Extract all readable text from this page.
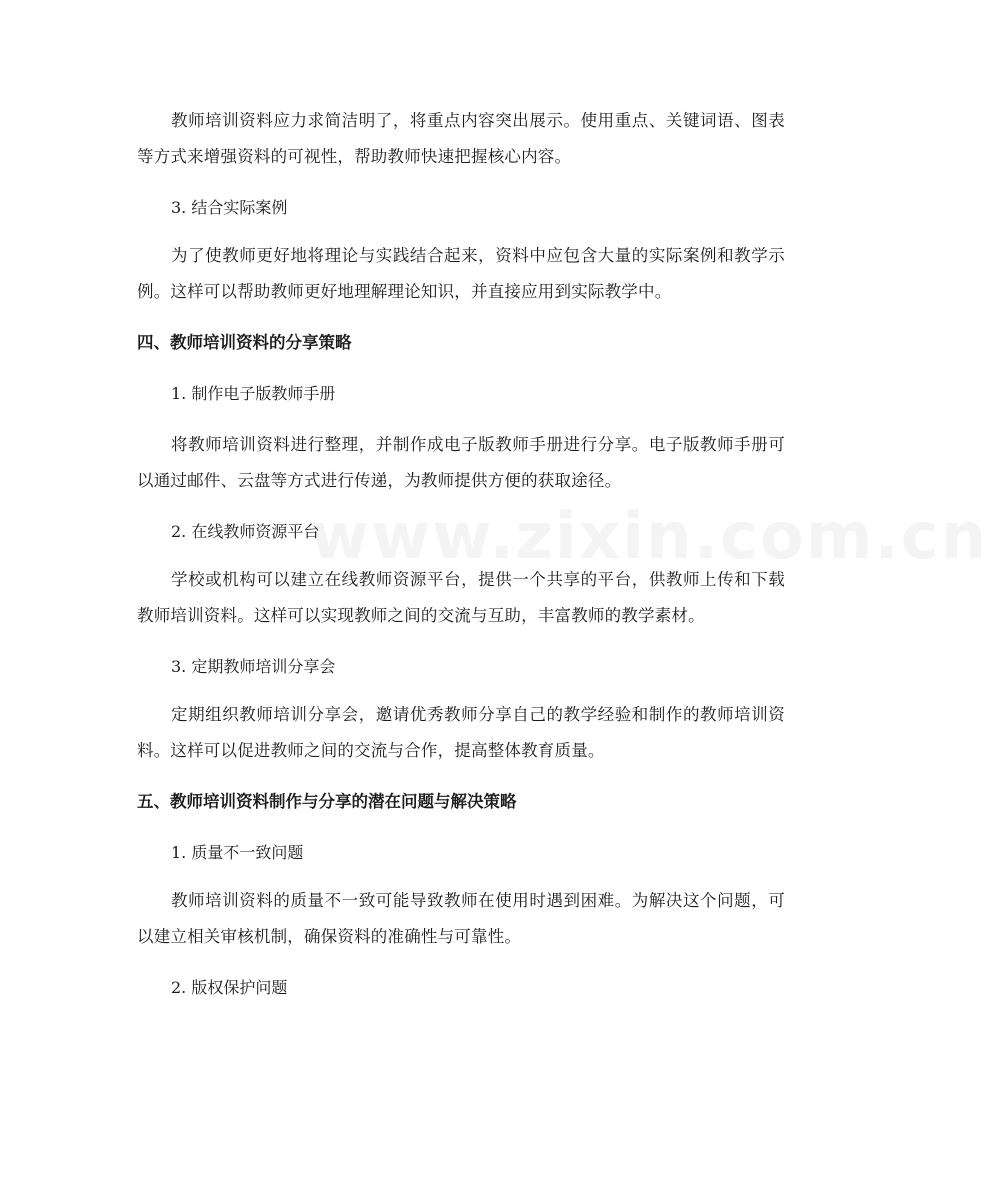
www.zixin.com.cn

教师培训资料应力求简洁明了，将重点内容突出展示。使用重点、关键词语、图表等方式来增强资料的可视性，帮助教师快速把握核心内容。

3. 结合实际案例

为了使教师更好地将理论与实践结合起来，资料中应包含大量的实际案例和教学示例。这样可以帮助教师更好地理解理论知识，并直接应用到实际教学中。

四、教师培训资料的分享策略

1. 制作电子版教师手册

将教师培训资料进行整理，并制作成电子版教师手册进行分享。电子版教师手册可以通过邮件、云盘等方式进行传递，为教师提供方便的获取途径。

2. 在线教师资源平台

学校或机构可以建立在线教师资源平台，提供一个共享的平台，供教师上传和下载教师培训资料。这样可以实现教师之间的交流与互助，丰富教师的教学素材。

3. 定期教师培训分享会

定期组织教师培训分享会，邀请优秀教师分享自己的教学经验和制作的教师培训资料。这样可以促进教师之间的交流与合作，提高整体教育质量。

五、教师培训资料制作与分享的潜在问题与解决策略

1. 质量不一致问题

教师培训资料的质量不一致可能导致教师在使用时遇到困难。为解决这个问题，可以建立相关审核机制，确保资料的准确性与可靠性。

2. 版权保护问题
